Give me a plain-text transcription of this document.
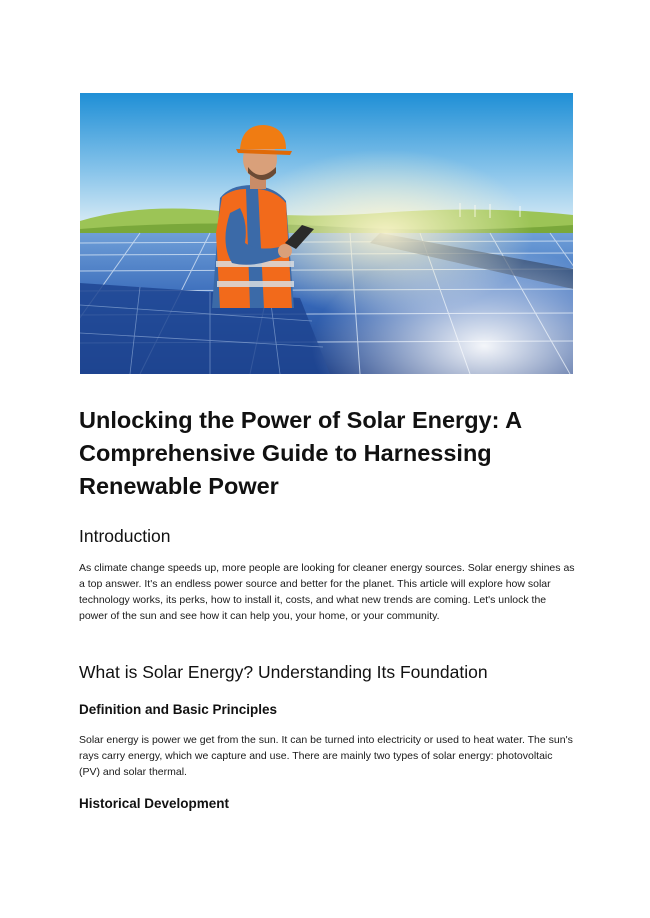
Unlocking the Power of Solar Energy: A Comprehensive Guide to Harnessing Renewable Power
Introduction

As climate change speeds up, more people are looking for cleaner energy sources. Solar energy shines as a top answer. It's an endless power source and better for the planet. This article will explore how solar technology works, its perks, how to install it, costs, and what new trends are coming. Let's unlock the power of the sun and see how it can help you, your home, or your community.

What is Solar Energy? Understanding Its Foundation
Definition and Basic Principles

Solar energy is power we get from the sun. It can be turned into electricity or used to heat water. The sun's rays carry energy, which we capture and use. There are mainly two types of solar energy: photovoltaic (PV) and solar thermal.

Historical Development
